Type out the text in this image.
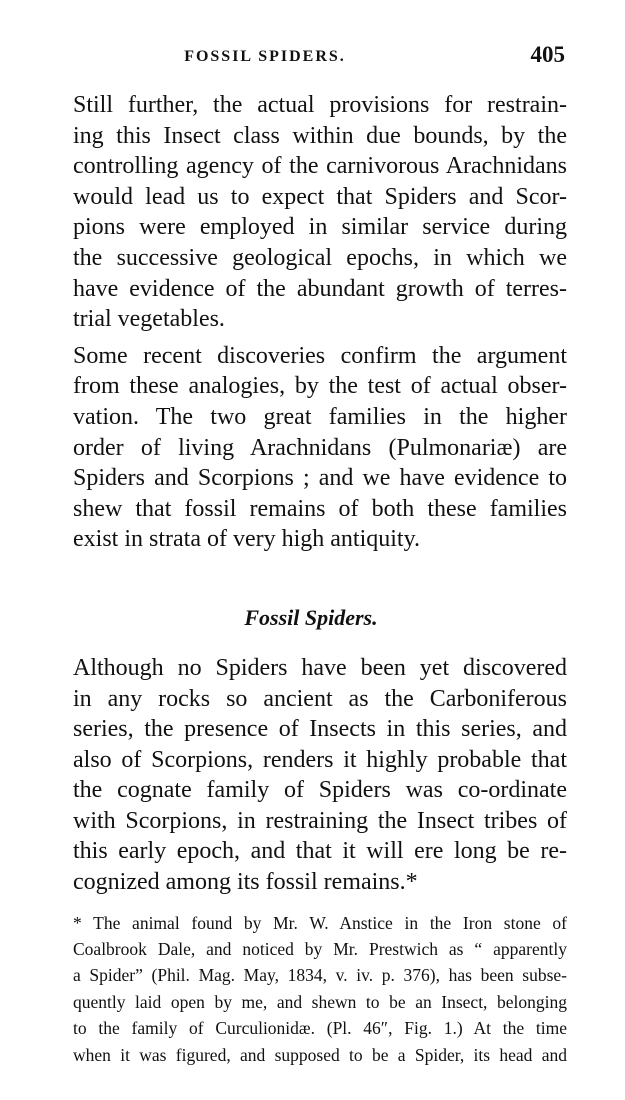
FOSSIL SPIDERS.	405
Still further, the actual provisions for restrain-
ing this Insect class within due bounds, by the
controlling agency of the carnivorous Arachnidans
would lead us to expect that Spiders and Scor-
pions were employed in similar service during
the successive geological epochs, in which we
have evidence of the abundant growth of terres-
trial vegetables.
Some recent discoveries confirm the argument
from these analogies, by the test of actual obser-
vation. The two great families in the higher
order of living Arachnidans (Pulmonariæ) are
Spiders and Scorpions ; and we have evidence to
shew that fossil remains of both these families
exist in strata of very high antiquity.
Fossil Spiders.
Although no Spiders have been yet discovered
in any rocks so ancient as the Carboniferous
series, the presence of Insects in this series, and
also of Scorpions, renders it highly probable that
the cognate family of Spiders was co-ordinate
with Scorpions, in restraining the Insect tribes of
this early epoch, and that it will ere long be re-
cognized among its fossil remains.*
* The animal found by Mr. W. Anstice in the Iron stone of
Coalbrook Dale, and noticed by Mr. Prestwich as “ apparently
a Spider” (Phil. Mag. May, 1834, v. iv. p. 376), has been subse-
quently laid open by me, and shewn to be an Insect, belonging
to the family of Curculionidæ. (Pl. 46″, Fig. 1.) At the time
when it was figured, and supposed to be a Spider, its head and
